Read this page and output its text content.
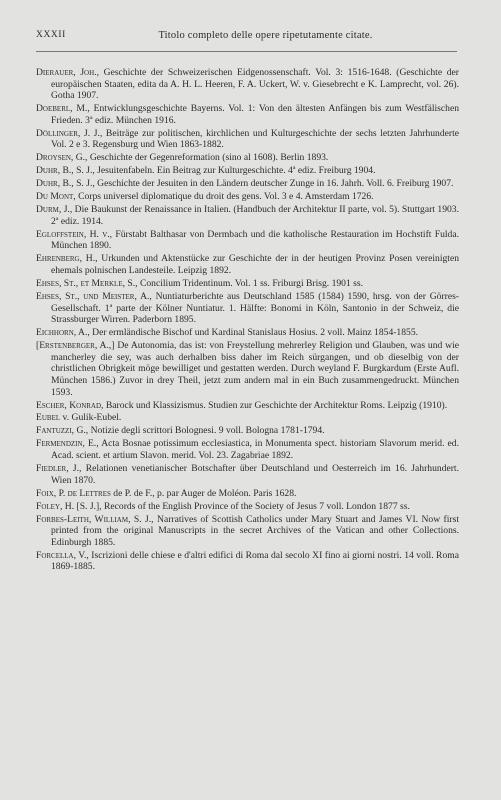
XXXII	Titolo completo delle opere ripetutamente citate.
Dierauer, Joh., Geschichte der Schweizerischen Eidgenossenschaft. Vol. 3: 1516-1648. (Geschichte der europäischen Staaten, edita da A. H. L. Heeren, F. A. Uckert, W. v. Giesebrecht e K. Lamprecht, vol. 26). Gotha 1907.
Doeberl, M., Entwicklungsgeschichte Bayerns. Vol. 1: Von den ältesten Anfängen bis zum Westfälischen Frieden. 3ª ediz. München 1916.
Döllinger, J. J., Beiträge zur politischen, kirchlichen und Kulturgeschichte der sechs letzten Jahrhunderte Vol. 2 e 3. Regensburg und Wien 1863-1882.
Droysen, G., Geschichte der Gegenreformation (sino al 1608). Berlin 1893.
Duhr, B., S. J., Jesuitenfabeln. Ein Beitrag zur Kulturgeschichte. 4ª ediz. Freiburg 1904.
Duhr, B., S. J., Geschichte der Jesuiten in den Ländern deutscher Zunge in 16. Jahrh. Voll. 6. Freiburg 1907.
Du Mont, Corps universel diplomatique du droit des gens. Vol. 3 e 4. Amsterdam 1726.
Durm, J., Die Baukunst der Renaissance in Italien. (Handbuch der Architektur II parte, vol. 5). Stuttgart 1903. 2ª ediz. 1914.
Egloffstein, H. v., Fürstabt Balthasar von Dermbach und die katholische Restauration im Hochstift Fulda. München 1890.
Ehrenberg, H., Urkunden und Aktenstücke zur Geschichte der in der heutigen Provinz Posen vereinigten ehemals polnischen Landesteile. Leipzig 1892.
Ehses, St., et Merkle, S., Concilium Tridentinum. Vol. 1 ss. Friburgi Brisg. 1901 ss.
Ehses, St., und Meister, A., Nuntiaturberichte aus Deutschland 1585 (1584) 1590, hrsg. von der Görres-Gesellschaft. 1ª parte der Kölner Nuntiatur. 1. Hälfte: Bonomi in Köln, Santonio in der Schweiz, die Strassburger Wirren. Paderborn 1895.
Eichhorn, A., Der ermländische Bischof und Kardinal Stanislaus Hosius. 2 voll. Mainz 1854-1855.
[Erstenberger, A.,] De Autonomia, das ist: von Freystellung mehrerley Religion und Glauben, was und wie mancherley die sey, was auch derhalben biss daher im Reich sürgangen, und ob dieselbig von der christlichen Obrigkeit möge bewilliget und gestatten werden. Durch weyland F. Burgkardum (Erste Aufl. München 1586.) Zuvor in drey Theil, jetzt zum andern mal in ein Buch zusammengedruckt. München 1593.
Escher, Konrad, Barock und Klassizismus. Studien zur Geschichte der Architektur Roms. Leipzig (1910).
Eubel v. Gulik-Eubel.
Fantuzzi, G., Notizie degli scrittori Bolognesi. 9 voll. Bologna 1781-1794.
Fermendzin, E., Acta Bosnae potissimum ecclesiastica, in Monumenta spect. historiam Slavorum merid. ed. Acad. scient. et artium Slavon. merid. Vol. 23. Zagabriae 1892.
Fiedler, J., Relationen venetianischer Botschafter über Deutschland und Oesterreich im 16. Jahrhundert. Wien 1870.
Foix, P. de Lettres de P. de F., p. par Auger de Moléon. Paris 1628.
Foley, H. [S. J.], Records of the English Province of the Society of Jesus 7 voll. London 1877 ss.
Forbes-Leith, William, S. J., Narratives of Scottish Catholics under Mary Stuart and James VI. Now first printed from the original Manuscripts in the secret Archives of the Vatican and other Collections. Edinburgh 1885.
Forcella, V., Iscrizioni delle chiese e d'altri edifici di Roma dal secolo XI fino ai giorni nostri. 14 voll. Roma 1869-1885.
